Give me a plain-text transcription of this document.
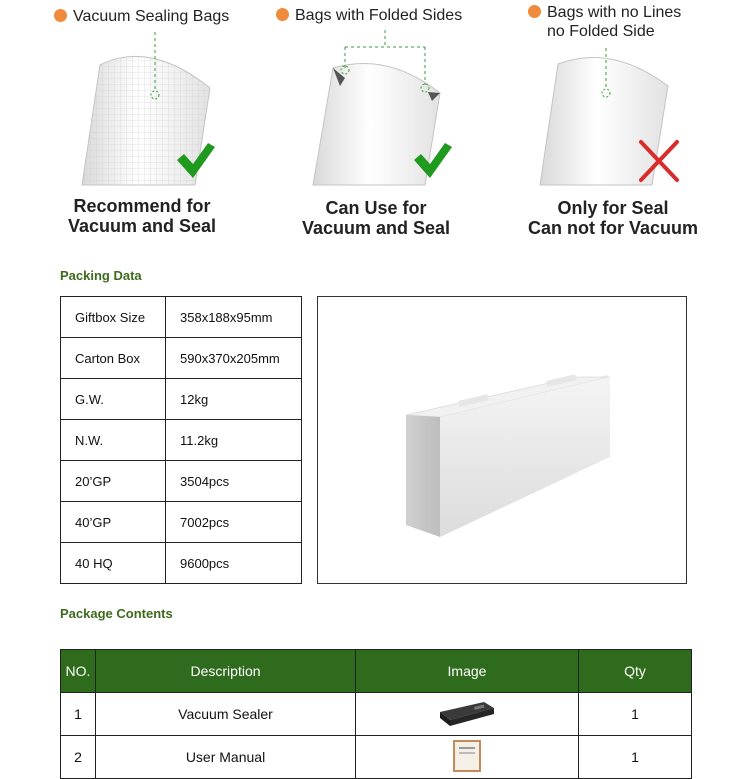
Vacuum Sealing Bags	Bags with Folded Sides	Bags with no Lines
no Folded Side
Recommend for
Vacuum and Seal
Can Use for
Vacuum and Seal
Only for Seal
Can not for Vacuum
Packing Data
Giftbox Size	358x188x95mm
Carton Box	590x370x205mm
G.W.	12kg
N.W.	11.2kg
20’GP	3504pcs
40’GP	7002pcs
40 HQ	9600pcs
Package Contents
NO.	Description	Image	Qty
1	Vacuum Sealer		1
2	User Manual		1
